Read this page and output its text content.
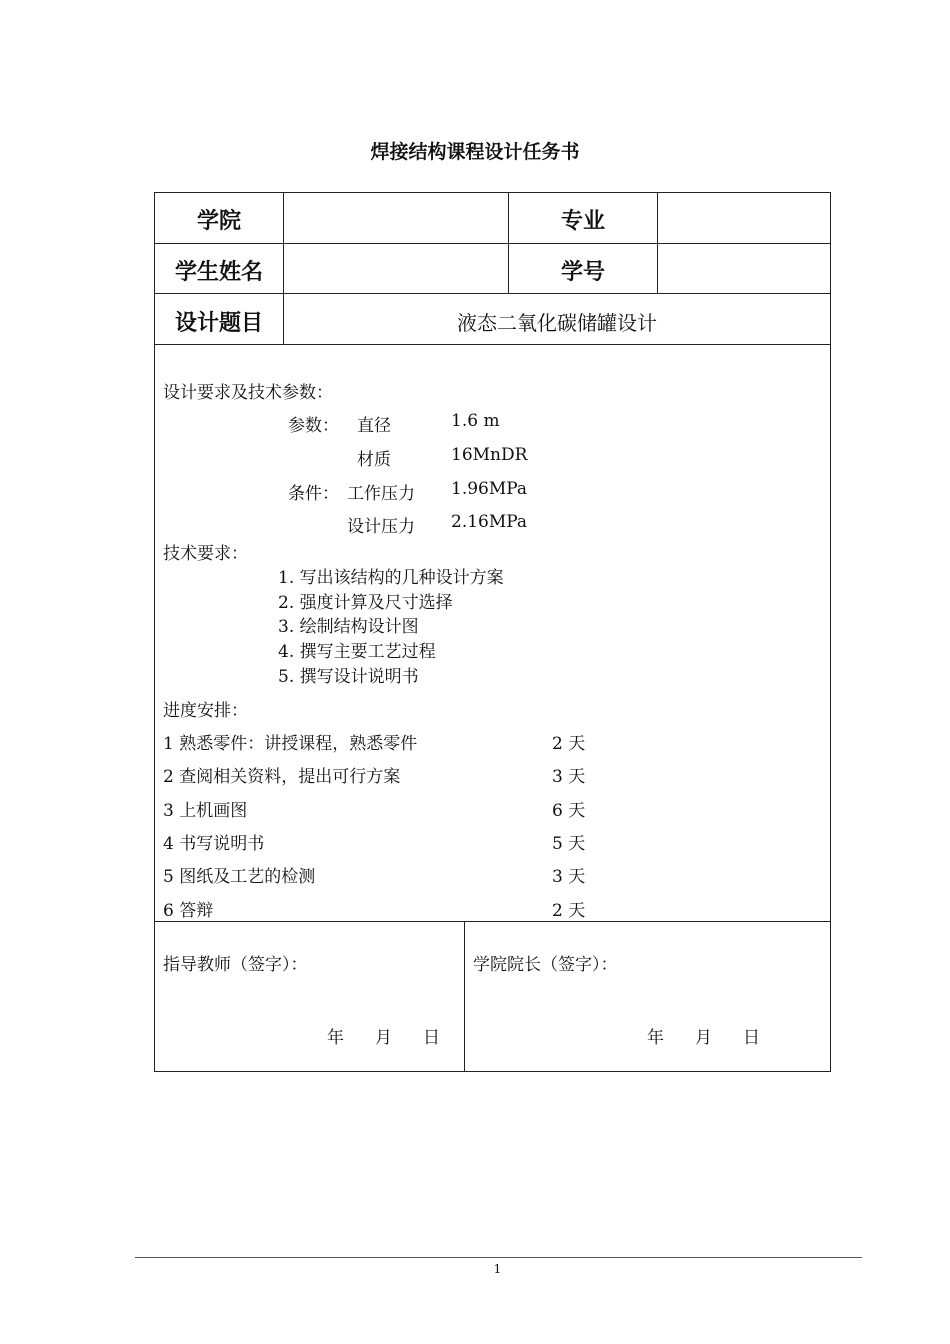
焊接结构课程设计任务书
学院	专业
学生姓名	学号
设计题目	液态二氧化碳储罐设计
设计要求及技术参数：
参数： 直径	1.6 m
材质	16MnDR
条件： 工作压力 1.96MPa
设计压力 2.16MPa
技术要求：
1. 写出该结构的几种设计方案
2. 强度计算及尺寸选择
3. 绘制结构设计图
4. 撰写主要工艺过程
5. 撰写设计说明书
进度安排：
1 熟悉零件：讲授课程，熟悉零件	2 天
2 查阅相关资料，提出可行方案	3 天
3 上机画图	6 天
4 书写说明书	5 天
5 图纸及工艺的检测	3 天
6 答辩	2 天
指导教师（签字）：
年 月 日
学院院长（签字）：
年 月 日
1
